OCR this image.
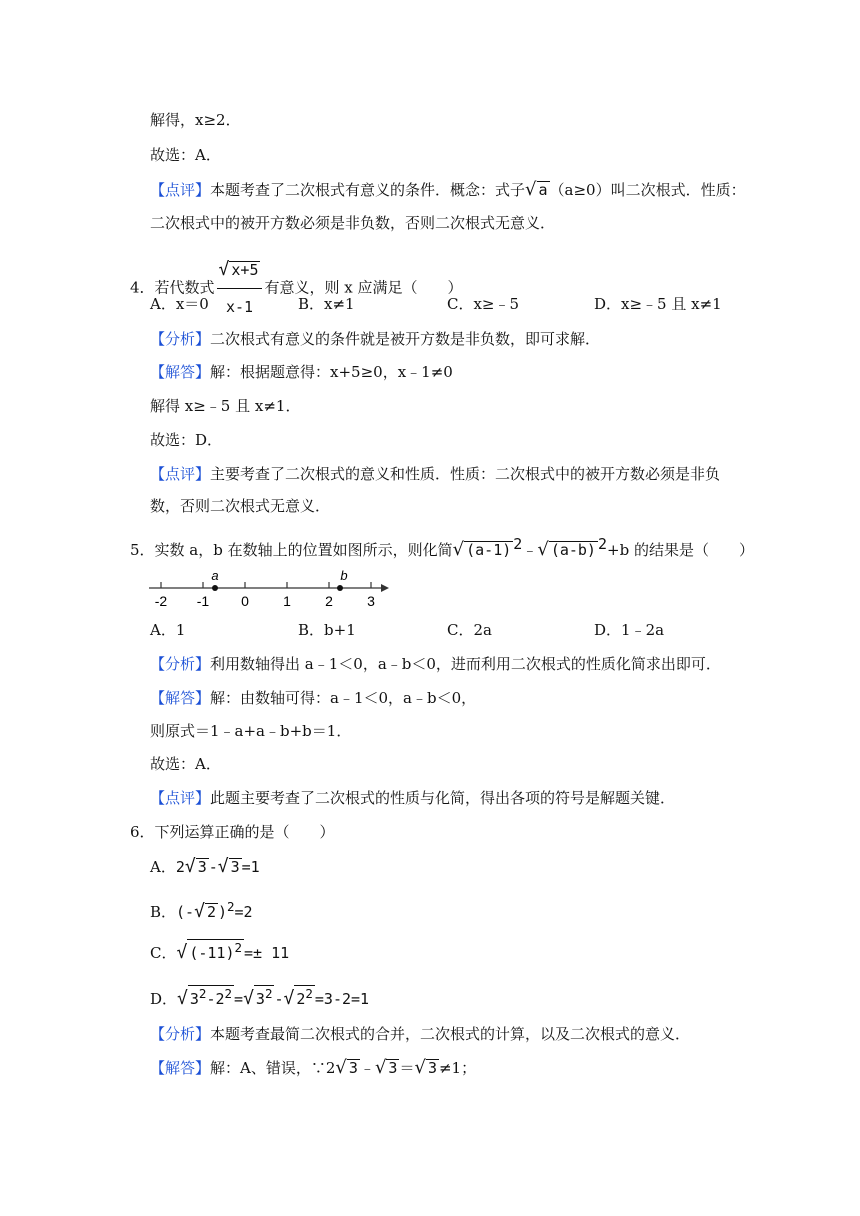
解得，x≥2．
故选：A．
【点评】本题考查了二次根式有意义的条件．概念：式子√ a （a≥0）叫二次根式．性质：
二次根式中的被开方数必须是非负数，否则二次根式无意义．
4．若代数式 $\frac{√ x+5}{x-1}$ 有意义，则 x 应满足（　　）
A．x＝0	B．x≠1	C．x≥﹣5	D．x≥﹣5 且 x≠1
【分析】二次根式有意义的条件就是被开方数是非负数，即可求解．
【解答】解：根据题意得：x+5≥0，x﹣1≠0
解得 x≥﹣5 且 x≠1．
故选：D．
【点评】主要考查了二次根式的意义和性质．性质：二次根式中的被开方数必须是非负
数，否则二次根式无意义．
5．实数 a，b 在数轴上的位置如图所示，则化简√ (a-1) $^2$﹣√ (a-b) $^2$+b 的结果是（　　）
-2 -1 0 1 2 3
a	b
A．1	B．b+1	C．2a	D．1﹣2a
【分析】利用数轴得出 a﹣1＜0，a﹣b＜0，进而利用二次根式的性质化简求出即可．
【解答】解：由数轴可得：a﹣1＜0，a﹣b＜0，
则原式＝1﹣a+a﹣b+b＝1．
故选：A．
【点评】此题主要考查了二次根式的性质与化简，得出各项的符号是解题关键．
6．下列运算正确的是（　　）
A．2√ 3 -√ 3 =1
B．(-√ 2 )$^2$=2
C．√ $(-11)^2 =\pm 11$
D．√ $3^2-2^2$ =√ $3^2$ -√ $2^2 =3-2=1$
【分析】本题考查最简二次根式的合并，二次根式的计算，以及二次根式的意义．
【解答】解：A、错误，∵2√ 3 ﹣√ 3 ＝√ 3 ≠1；
